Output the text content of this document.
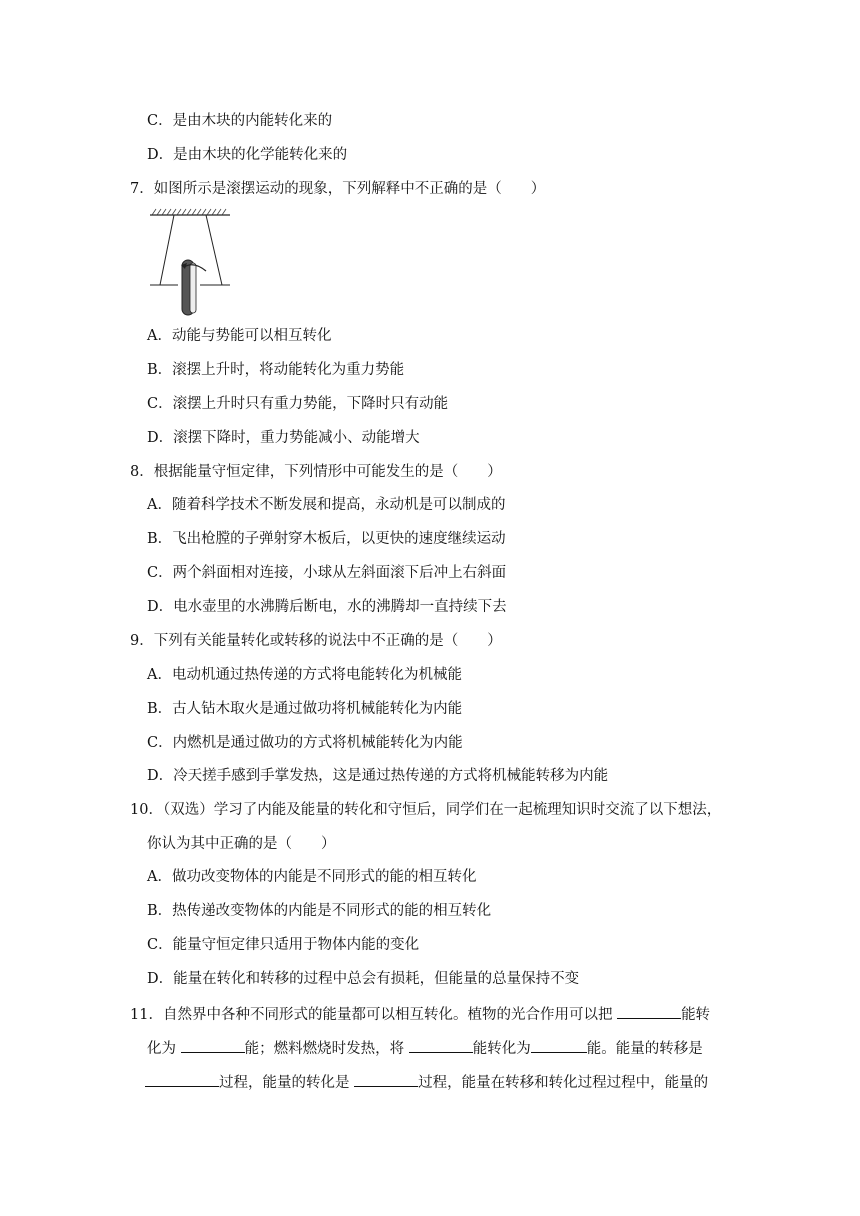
C．是由木块的内能转化来的
D．是由木块的化学能转化来的
7．如图所示是滚摆运动的现象，下列解释中不正确的是（　　）
A．动能与势能可以相互转化
B．滚摆上升时，将动能转化为重力势能
C．滚摆上升时只有重力势能，下降时只有动能
D．滚摆下降时，重力势能减小、动能增大
8．根据能量守恒定律，下列情形中可能发生的是（　　）
A．随着科学技术不断发展和提高，永动机是可以制成的
B．飞出枪膛的子弹射穿木板后，以更快的速度继续运动
C．两个斜面相对连接，小球从左斜面滚下后冲上右斜面
D．电水壶里的水沸腾后断电，水的沸腾却一直持续下去
9．下列有关能量转化或转移的说法中不正确的是（　　）
A．电动机通过热传递的方式将电能转化为机械能
B．古人钻木取火是通过做功将机械能转化为内能
C．内燃机是通过做功的方式将机械能转化为内能
D．冷天搓手感到手掌发热，这是通过热传递的方式将机械能转移为内能
10．（双选）学习了内能及能量的转化和守恒后，同学们在一起梳理知识时交流了以下想法，
你认为其中正确的是（　　）
A．做功改变物体的内能是不同形式的能的相互转化
B．热传递改变物体的内能是不同形式的能的相互转化
C．能量守恒定律只适用于物体内能的变化
D．能量在转化和转移的过程中总会有损耗，但能量的总量保持不变
11．自然界中各种不同形式的能量都可以相互转化。植物的光合作用可以把	能转
化为	能；燃料燃烧时发热，将	能转化为	能。能量的转移是
过程，能量的转化是	过程，能量在转移和转化过程过程中，能量的
